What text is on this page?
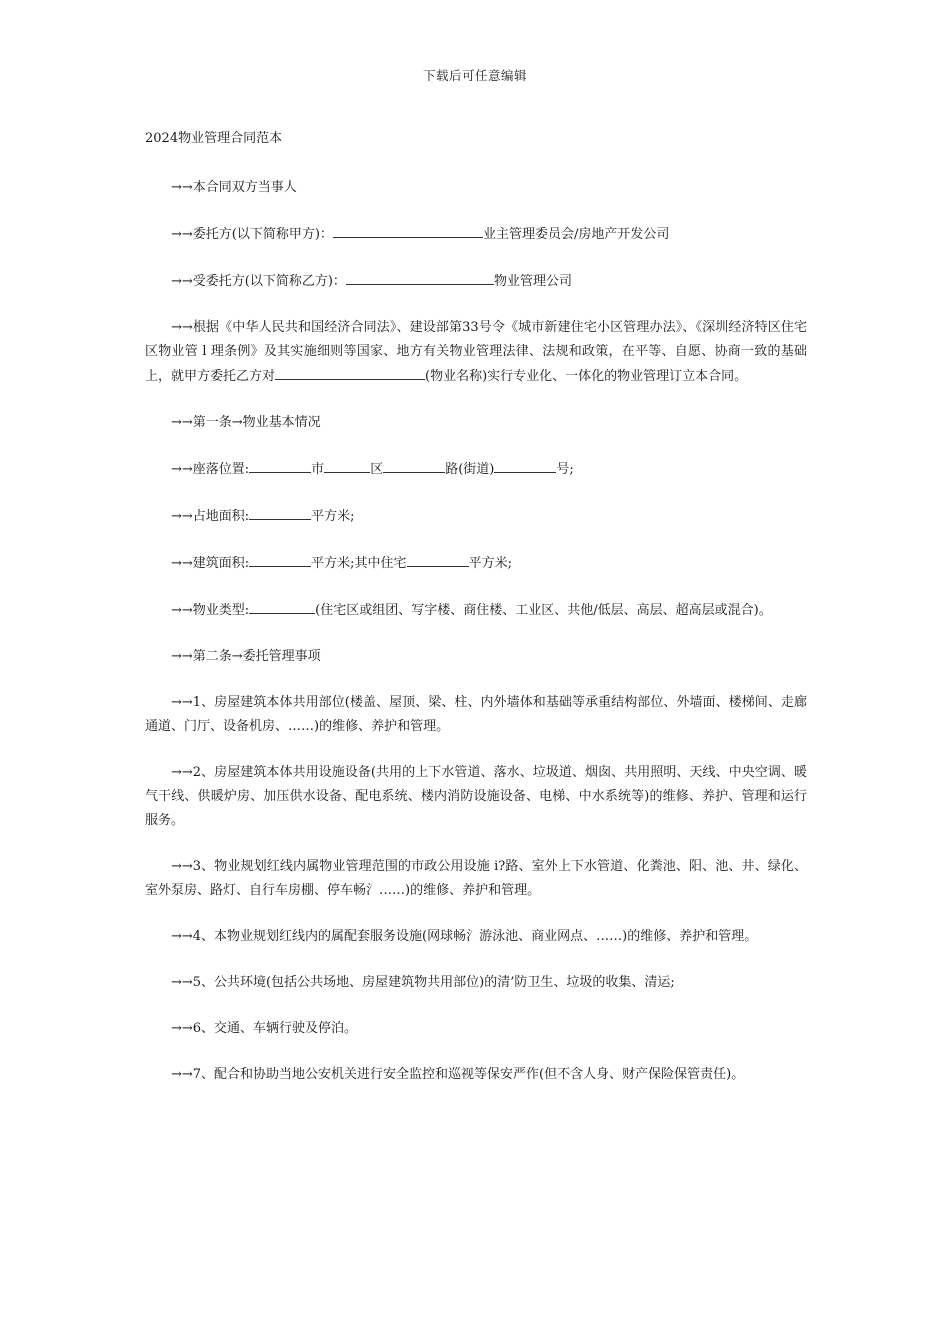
下载后可任意编辑
2024物业管理合同范本

→→本合同双方当事人

→→委托方(以下简称甲方)：	业主管理委员会/房地产开发公司

→→受委托方(以下简称乙方)：	物业管理公司

→→根据《中华人民共和国经济合同法》、建设部第33号令《城市新建住宅小区管理办法》、《深圳经济特区住宅区物业管 l 理条例》及其实施细则等国家、地方有关物业管理法律、法规和政策，在平等、自愿、协商一致的基础上，就甲方委托乙方对	(物业名称)实行专业化、一体化的物业管理订立本合同。

→→第一条→物业基本情况

→→座落位置:	市	区	路(街道)	号;

→→占地面积:	平方米;

→→建筑面积:	平方米;其中住宅	平方米;

→→物业类型:	(住宅区或组团、写字楼、商住楼、工业区、共他/低层、高层、超高层或混合)。

→→第二条→委托管理事项

→→1、房屋建筑本体共用部位(楼盖、屋顶、梁、柱、内外墙体和基础等承重结构部位、外墙面、楼梯间、走廊通道、门厅、设备机房、……)的维修、养护和管理。

→→2、房屋建筑本体共用设施设备(共用的上下水管道、落水、垃圾道、烟囱、共用照明、天线、中央空调、暖气干线、供暖炉房、加压供水设备、配电系统、楼内消防设施设备、电梯、中水系统等)的维修、养护、管理和运行服务。

→→3、物业规划红线内属物业管理范围的市政公用设施 i?路、室外上下水管道、化粪池、阳、池、井、绿化、室外泵房、路灯、自行车房棚、停车畅氵……)的维修、养护和管理。

→→4、本物业规划红线内的属配套服务设施(网球畅氵游泳池、商业网点、……)的维修、养护和管理。

→→5、公共环境(包括公共场地、房屋建筑物共用部位)的清’防卫生、垃圾的收集、清运;

→→6、交通、车辆行驶及停泊。

→→7、配合和协助当地公安机关进行安全监控和巡视等保安严作(但不含人身、财产保险保管责任)。
